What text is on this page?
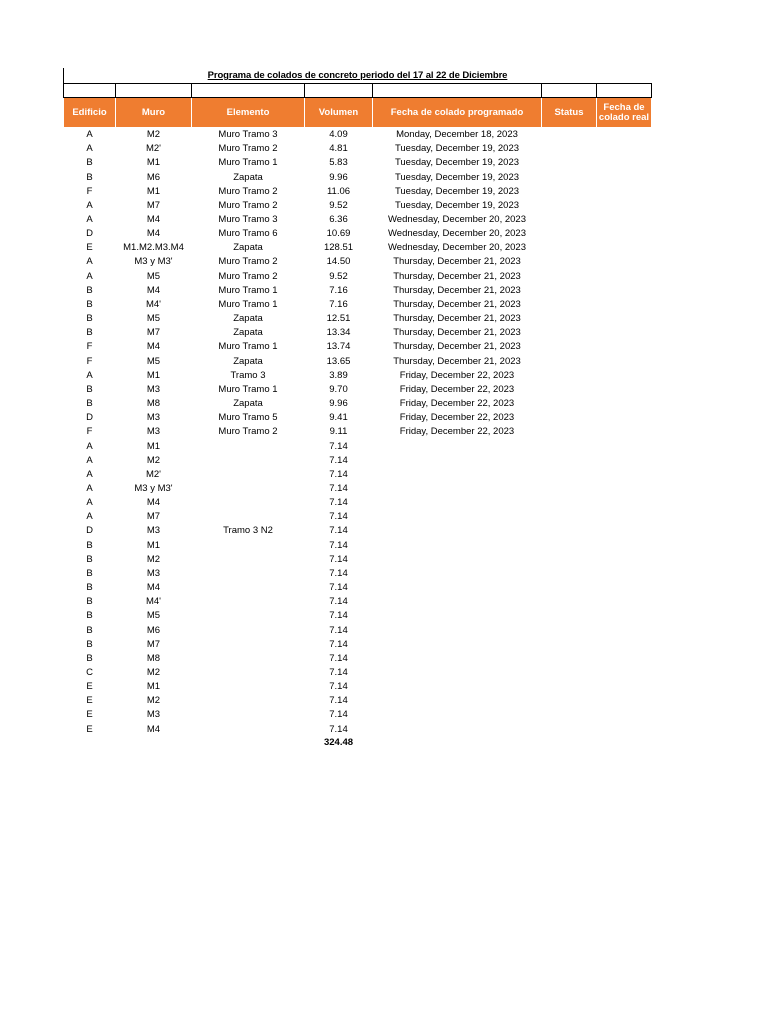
Programa de colados de concreto periodo del 17 al 22 de Diciembre

Edificio	Muro	Elemento	Volumen	Fecha de colado programado	Status	Fecha de colado real
A	M2	Muro Tramo 3	4.09	Monday, December 18, 2023		
A	M2'	Muro Tramo 2	4.81	Tuesday, December 19, 2023		
B	M1	Muro Tramo 1	5.83	Tuesday, December 19, 2023		
B	M6	Zapata	9.96	Tuesday, December 19, 2023		
F	M1	Muro Tramo 2	11.06	Tuesday, December 19, 2023		
A	M7	Muro Tramo 2	9.52	Tuesday, December 19, 2023		
A	M4	Muro Tramo 3	6.36	Wednesday, December 20, 2023		
D	M4	Muro Tramo 6	10.69	Wednesday, December 20, 2023		
E	M1.M2.M3.M4	Zapata	128.51	Wednesday, December 20, 2023		
A	M3 y M3'	Muro Tramo 2	14.50	Thursday, December 21, 2023		
A	M5	Muro Tramo 2	9.52	Thursday, December 21, 2023		
B	M4	Muro Tramo 1	7.16	Thursday, December 21, 2023		
B	M4'	Muro Tramo 1	7.16	Thursday, December 21, 2023		
B	M5	Zapata	12.51	Thursday, December 21, 2023		
B	M7	Zapata	13.34	Thursday, December 21, 2023		
F	M4	Muro Tramo 1	13.74	Thursday, December 21, 2023		
F	M5	Zapata	13.65	Thursday, December 21, 2023		
A	M1	Tramo 3	3.89	Friday, December 22, 2023		
B	M3	Muro Tramo 1	9.70	Friday, December 22, 2023		
B	M8	Zapata	9.96	Friday, December 22, 2023		
D	M3	Muro Tramo 5	9.41	Friday, December 22, 2023		
F	M3	Muro Tramo 2	9.11	Friday, December 22, 2023		
A	M1		7.14			
A	M2		7.14			
A	M2'		7.14			
A	M3 y M3'		7.14			
A	M4		7.14			
A	M7		7.14			
D	M3	Tramo 3 N2	7.14			
B	M1		7.14			
B	M2		7.14			
B	M3		7.14			
B	M4		7.14			
B	M4'		7.14			
B	M5		7.14			
B	M6		7.14			
B	M7		7.14			
B	M8		7.14			
C	M2		7.14			
E	M1		7.14			
E	M2		7.14			
E	M3		7.14			
E	M4		7.14			
			324.48			
